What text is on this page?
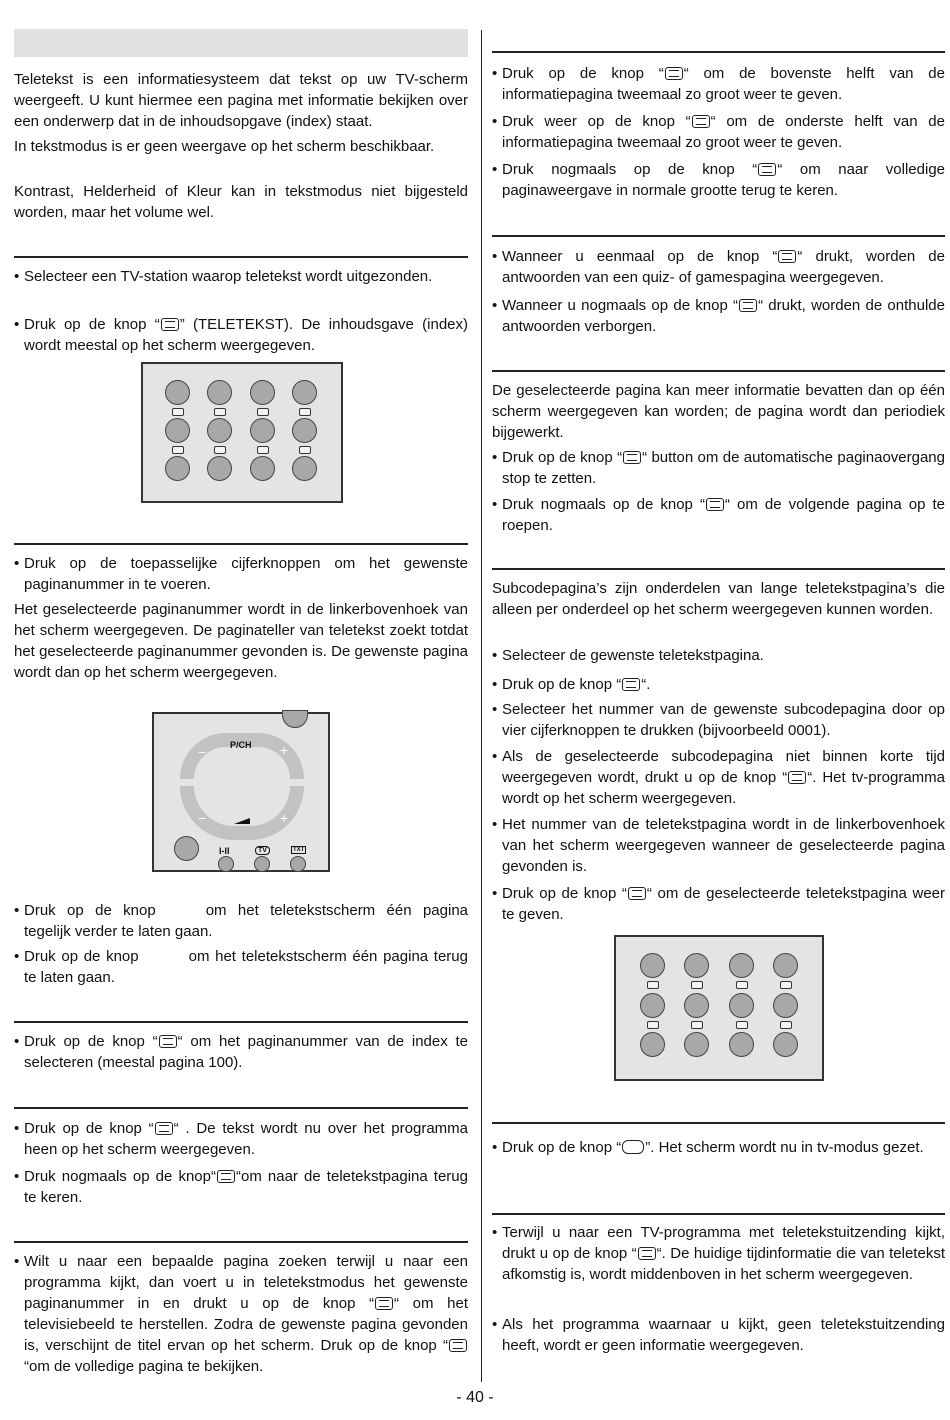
Teletekst is een informatiesysteem dat tekst op uw TV-scherm weergeeft. U kunt hiermee een pagina met informatie bekijken over een onderwerp dat in de inhoudsopgave (index) staat.

In tekstmodus is er geen weergave op het scherm beschikbaar.

Kontrast, Helderheid of Kleur kan in tekstmodus niet bijgesteld worden, maar het volume wel.

• Selecteer een TV-station waarop teletekst wordt uitgezonden.

• Druk op de knop “ ” (TELETEKST). De inhoudsgave (index) wordt meestal op het scherm weergegeven.

• Druk op de toepasselijke cijferknoppen om het gewenste paginanummer in te voeren.

Het geselecteerde paginanummer wordt in de linkerbovenhoek van het scherm weergegeven. De paginateller van teletekst zoekt totdat het geselecteerde paginanummer gevonden is. De gewenste pagina wordt dan op het scherm weergegeven.

P/CH
−	+
−	+
I-II	TV	TXT

• Druk op de knop	om het teletekstscherm één pagina tegelijk verder te laten gaan.

• Druk op de knop	om het teletekstscherm één pagina terug te laten gaan.

• Druk op de knop “ “ om het paginanummer van de index te selecteren (meestal pagina 100).

• Druk op de knop “ “ . De tekst wordt nu over het programma heen op het scherm weergegeven.

• Druk nogmaals op de knop“ “om naar de teletekstpagina terug te keren.

• Wilt u naar een bepaalde pagina zoeken terwijl u naar een programma kijkt, dan voert u in teletekstmodus het gewenste paginanummer in en drukt u op de knop “ “ om het televisiebeeld te herstellen. Zodra de gewenste pagina gevonden is, verschijnt de titel ervan op het scherm. Druk op de knop ““om de volledige pagina te bekijken.

• Druk op de knop “ “ om de bovenste helft van de informatiepagina tweemaal zo groot weer te geven.

• Druk weer op de knop “ “ om de onderste helft van de informatiepagina tweemaal zo groot weer te geven.

• Druk nogmaals op de knop “ “ om naar volledige paginaweergave in normale grootte terug te keren.

• Wanneer u eenmaal op de knop “ “ drukt, worden de antwoorden van een quiz- of gamespagina weergegeven.

• Wanneer u nogmaals op de knop “ “ drukt, worden de onthulde antwoorden verborgen.

De geselecteerde pagina kan meer informatie bevatten dan op één scherm weergegeven kan worden; de pagina wordt dan periodiek bijgewerkt.

• Druk op de knop “ “ button om de automatische paginaovergang stop te zetten.

• Druk nogmaals op de knop “ “ om de volgende pagina op te roepen.

Subcodepagina’s zijn onderdelen van lange teletekstpagina’s die alleen per onderdeel op het scherm weergegeven kunnen worden.

• Selecteer de gewenste teletekstpagina.

• Druk op de knop “ “.

• Selecteer het nummer van de gewenste subcodepagina door op vier cijferknoppen te drukken (bijvoorbeeld 0001).

• Als de geselecteerde subcodepagina niet binnen korte tijd weergegeven wordt, drukt u op de knop “ “. Het tv-programma wordt op het scherm weergegeven.

• Het nummer van de teletekstpagina wordt in de linkerbovenhoek van het scherm weergegeven wanneer de geselecteerde pagina gevonden is.

• Druk op de knop “ “ om de geselecteerde teletekstpagina weer te geven.

• Druk op de knop “ ”. Het scherm wordt nu in tv-modus gezet.

• Terwijl u naar een TV-programma met teletekstuitzending kijkt, drukt u op de knop “ “. De huidige tijdinformatie die van teletekst afkomstig is, wordt middenboven in het scherm weergegeven.

• Als het programma waarnaar u kijkt, geen teletekstuitzending heeft, wordt er geen informatie weergegeven.

- 40 -
